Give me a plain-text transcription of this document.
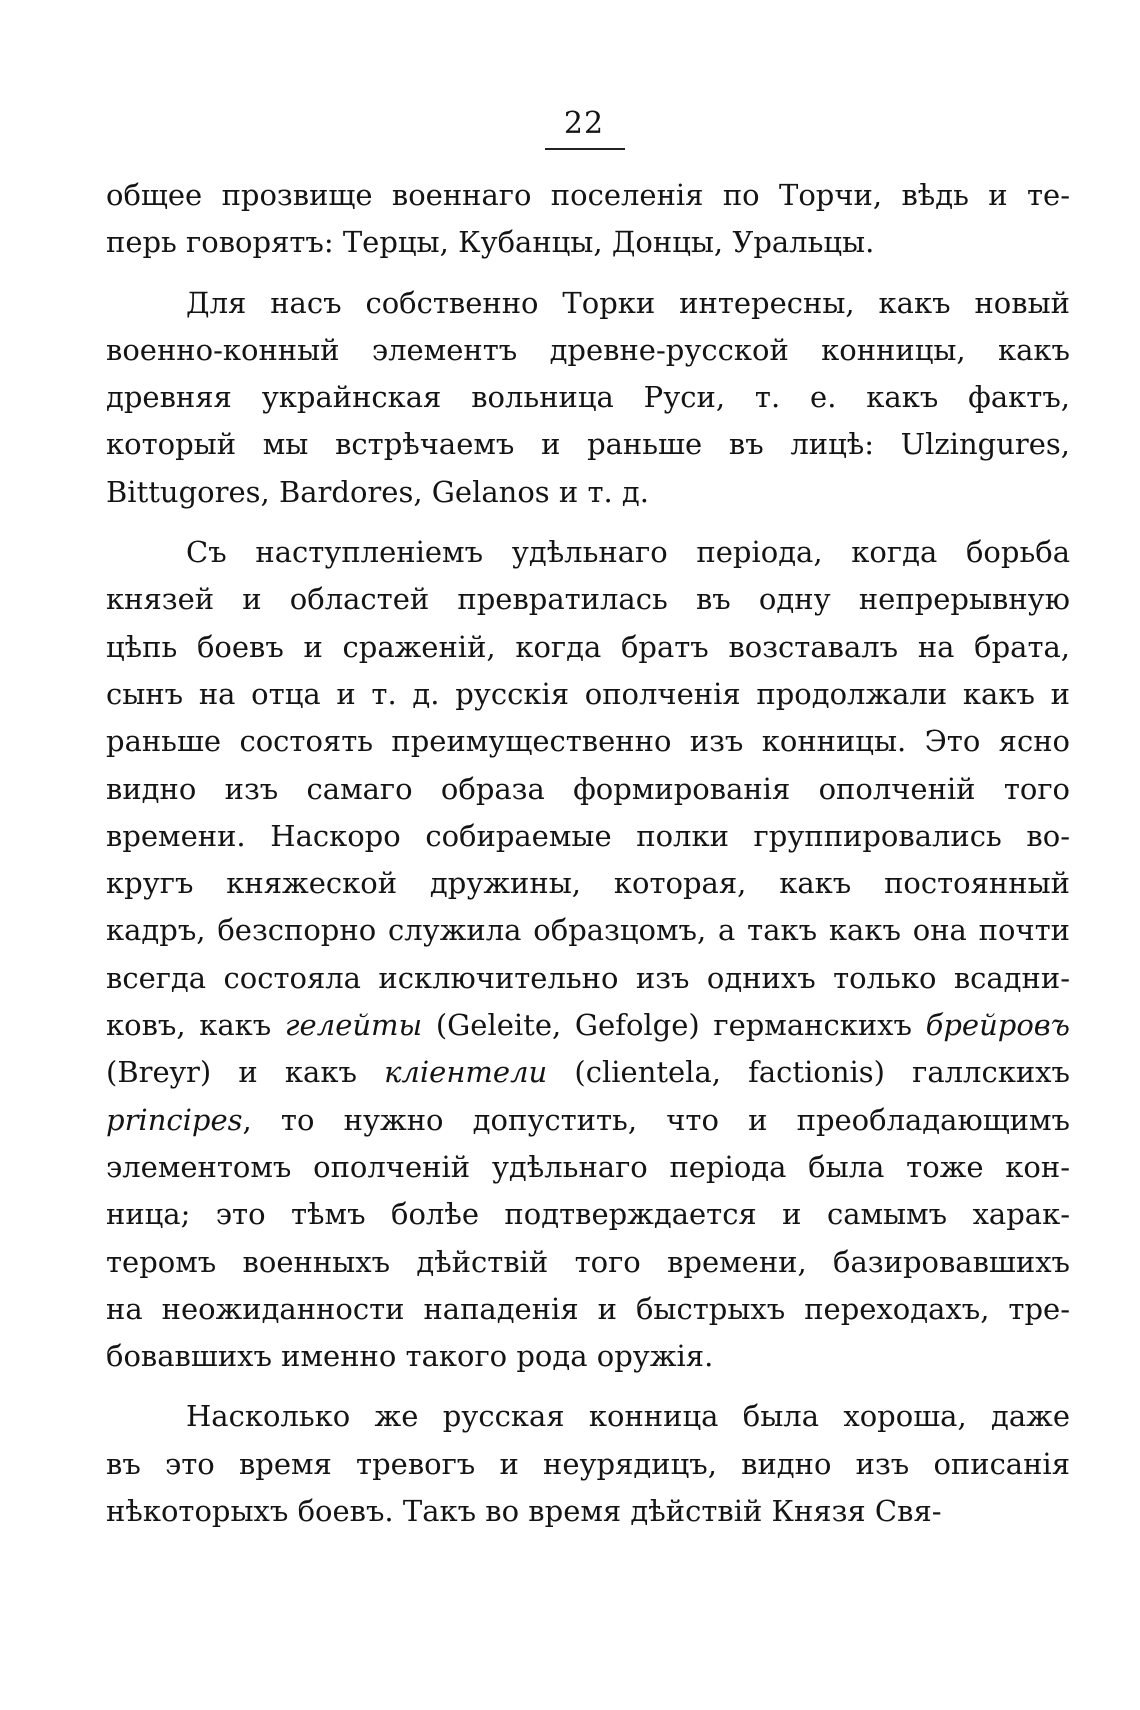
22
общее прозвище военнаго поселенія по Торчи, вѣдь и те-
перь говорятъ: Терцы, Кубанцы, Донцы, Уральцы.
Для насъ собственно Торки интересны, какъ новый
военно-конный элементъ древне-русской конницы, какъ
древняя украйнская вольница Руси, т. е. какъ фактъ,
который мы встрѣчаемъ и раньше въ лицѣ: Ulzingures,
Bittugores, Bardores, Gelanos и т. д.
Съ наступленіемъ удѣльнаго періода, когда борьба
князей и областей превратилась въ одну непрерывную
цѣпь боевъ и сраженій, когда братъ возставалъ на брата,
сынъ на отца и т. д. русскія ополченія продолжали какъ и
раньше состоять преимущественно изъ конницы. Это ясно
видно изъ самаго образа формированія ополченій того
времени. Наскоро собираемые полки группировались во-
кругъ княжеской дружины, которая, какъ постоянный
кадръ, безспорно служила образцомъ, а такъ какъ она почти
всегда состояла исключительно изъ однихъ только всадни-
ковъ, какъ гелейты (Geleite, Gefolge) германскихъ брейровъ
(Breyr) и какъ кліентели (clientela, factionis) галлскихъ
principes, то нужно допустить, что и преобладающимъ
элементомъ ополченій удѣльнаго періода была тоже кон-
ница; это тѣмъ болѣе подтверждается и самымъ харак-
теромъ военныхъ дѣйствій того времени, базировавшихъ
на неожиданности нападенія и быстрыхъ переходахъ, тре-
бовавшихъ именно такого рода оружія.
Насколько же русская конница была хороша, даже
въ это время тревогъ и неурядицъ, видно изъ описанія
нѣкоторыхъ боевъ. Такъ во время дѣйствій Князя Свя-
